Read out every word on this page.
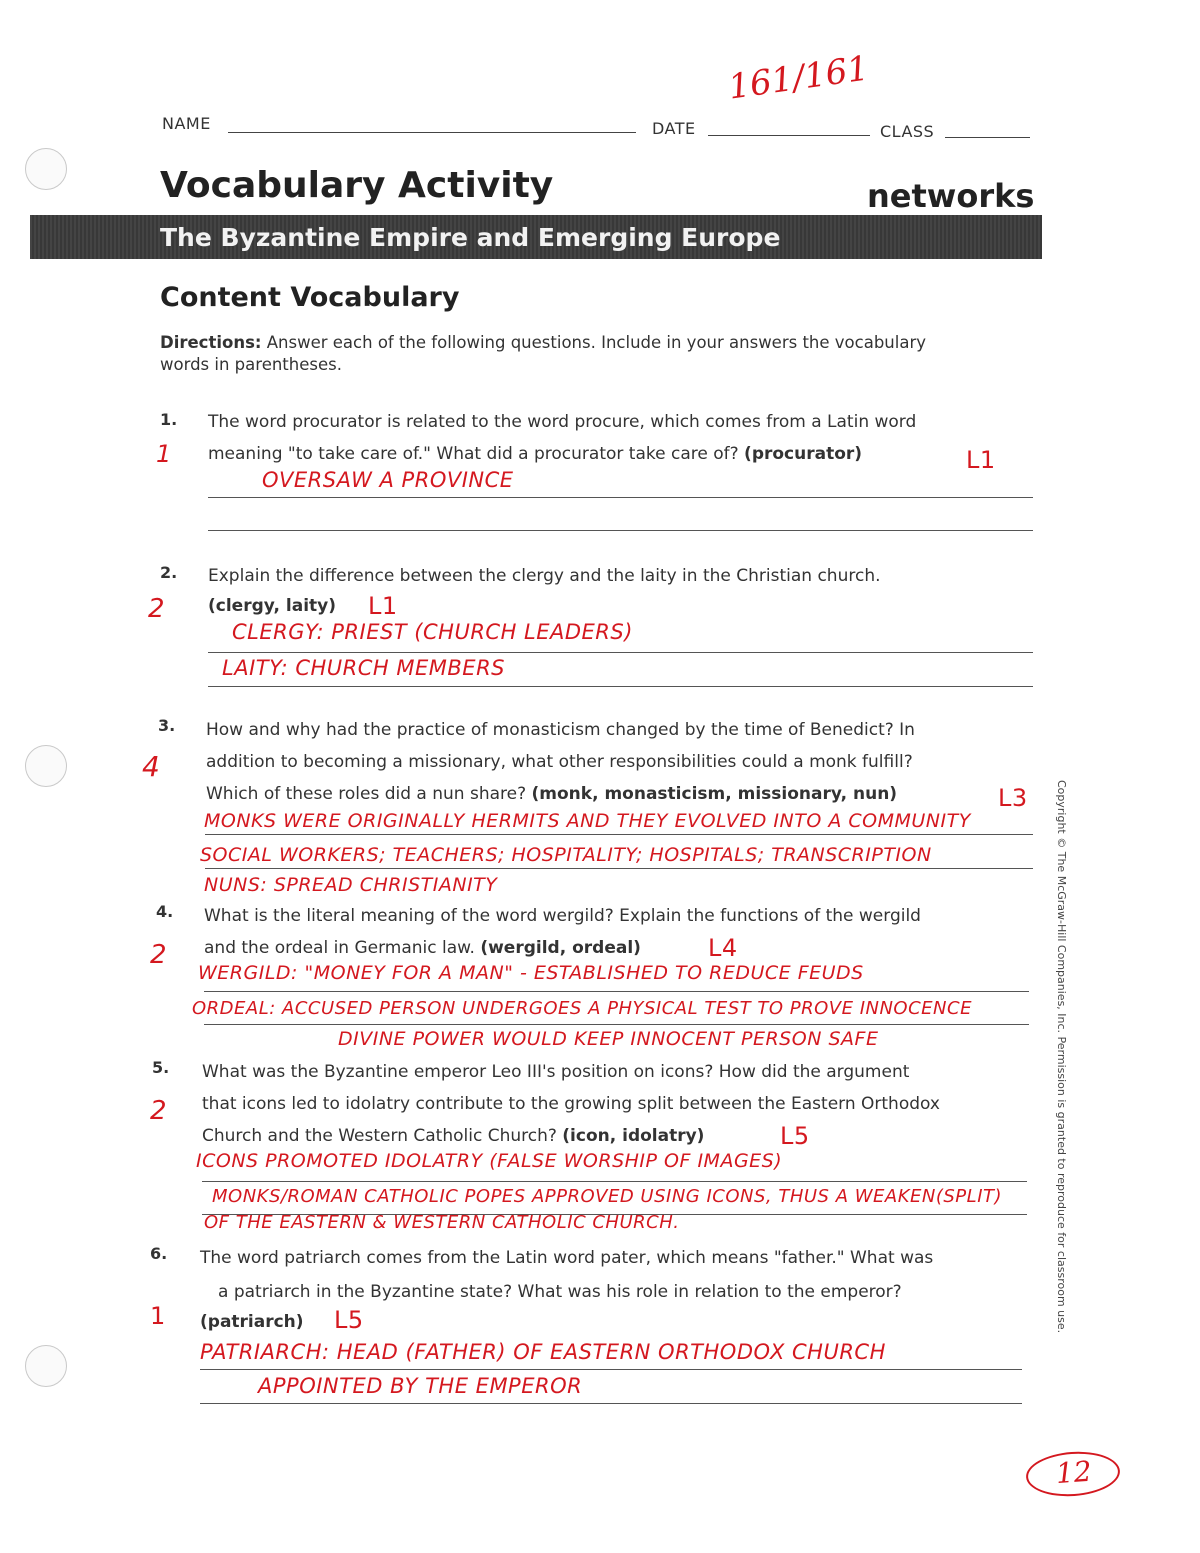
161/161
NAME	DATE	CLASS
Vocabulary Activity	networks
The Byzantine Empire and Emerging Europe
Content Vocabulary
Directions: Answer each of the following questions. Include in your answers the vocabulary
words in parentheses.
1.
1
The word procurator is related to the word procure, which comes from a Latin word
meaning "to take care of." What did a procurator take care of? (procurator)	L1
OVERSAW A PROVINCE
2.
2
Explain the difference between the clergy and the laity in the Christian church.
(clergy, laity) L1
CLERGY: PRIEST (CHURCH LEADERS)
LAITY: CHURCH MEMBERS
3.
4
How and why had the practice of monasticism changed by the time of Benedict? In
addition to becoming a missionary, what other responsibilities could a monk fulfill?
Which of these roles did a nun share? (monk, monasticism, missionary, nun)	L3
MONKS WERE ORIGINALLY HERMITS AND THEY EVOLVED INTO A COMMUNITY
SOCIAL WORKERS; TEACHERS; HOSPITALITY; HOSPITALS; TRANSCRIPTION
NUNS: SPREAD CHRISTIANITY
4.
2
What is the literal meaning of the word wergild? Explain the functions of the wergild
and the ordeal in Germanic law. (wergild, ordeal)	L4
WERGILD: "MONEY FOR A MAN" - ESTABLISHED TO REDUCE FEUDS
ORDEAL: ACCUSED PERSON UNDERGOES A PHYSICAL TEST TO PROVE INNOCENCE
DIVINE POWER WOULD KEEP INNOCENT PERSON SAFE
5.
2
What was the Byzantine emperor Leo III's position on icons? How did the argument
that icons led to idolatry contribute to the growing split between the Eastern Orthodox
Church and the Western Catholic Church? (icon, idolatry)	L5
ICONS PROMOTED IDOLATRY (FALSE WORSHIP OF IMAGES)
MONKS/ROMAN CATHOLIC POPES APPROVED USING ICONS, THUS A WEAKEN(SPLIT)
OF THE EASTERN & WESTERN CATHOLIC CHURCH.
6.
1
The word patriarch comes from the Latin word pater, which means "father." What was
a patriarch in the Byzantine state? What was his role in relation to the emperor?
(patriarch) L5
PATRIARCH: HEAD (FATHER) OF EASTERN ORTHODOX CHURCH
APPOINTED BY THE EMPEROR
Copyright © The McGraw-Hill Companies, Inc. Permission is granted to reproduce for classroom use.
12
